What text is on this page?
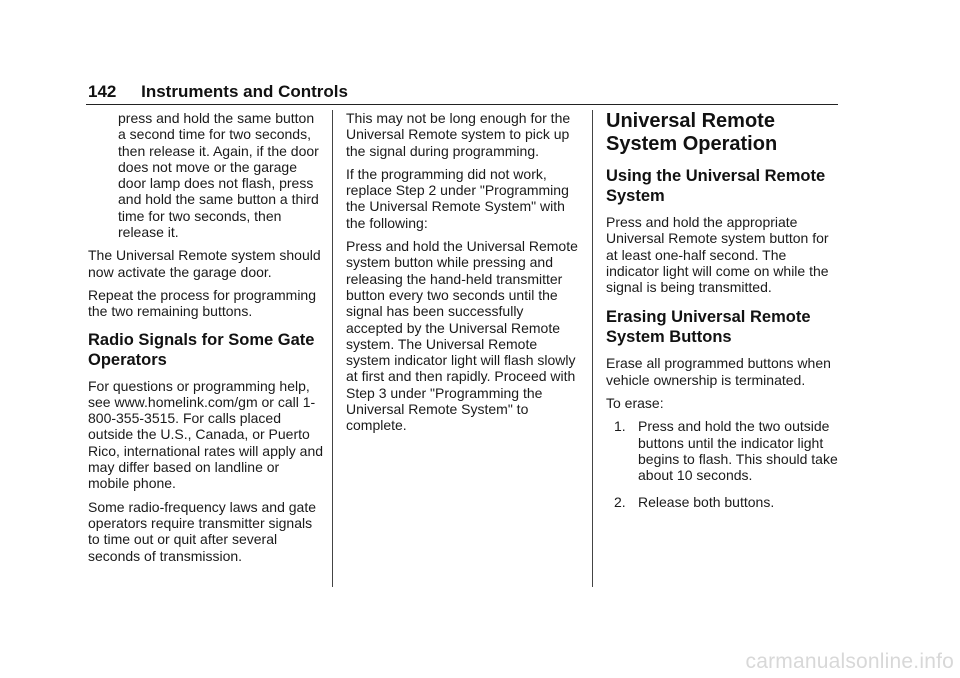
142 Instruments and Controls

press and hold the same button a second time for two seconds, then release it. Again, if the door does not move or the garage door lamp does not flash, press and hold the same button a third time for two seconds, then release it.

The Universal Remote system should now activate the garage door.

Repeat the process for programming the two remaining buttons.

Radio Signals for Some Gate Operators

For questions or programming help, see www.homelink.com/gm or call 1-800-355-3515. For calls placed outside the U.S., Canada, or Puerto Rico, international rates will apply and may differ based on landline or mobile phone.

Some radio-frequency laws and gate operators require transmitter signals to time out or quit after several seconds of transmission.

This may not be long enough for the Universal Remote system to pick up the signal during programming.

If the programming did not work, replace Step 2 under "Programming the Universal Remote System" with the following:

Press and hold the Universal Remote system button while pressing and releasing the hand-held transmitter button every two seconds until the signal has been successfully accepted by the Universal Remote system. The Universal Remote system indicator light will flash slowly at first and then rapidly. Proceed with Step 3 under "Programming the Universal Remote System" to complete.

Universal Remote System Operation
Using the Universal Remote System

Press and hold the appropriate Universal Remote system button for at least one-half second. The indicator light will come on while the signal is being transmitted.

Erasing Universal Remote System Buttons

Erase all programmed buttons when vehicle ownership is terminated.

To erase:

1. Press and hold the two outside buttons until the indicator light begins to flash. This should take about 10 seconds.
2. Release both buttons.
carmanualsonline.info
